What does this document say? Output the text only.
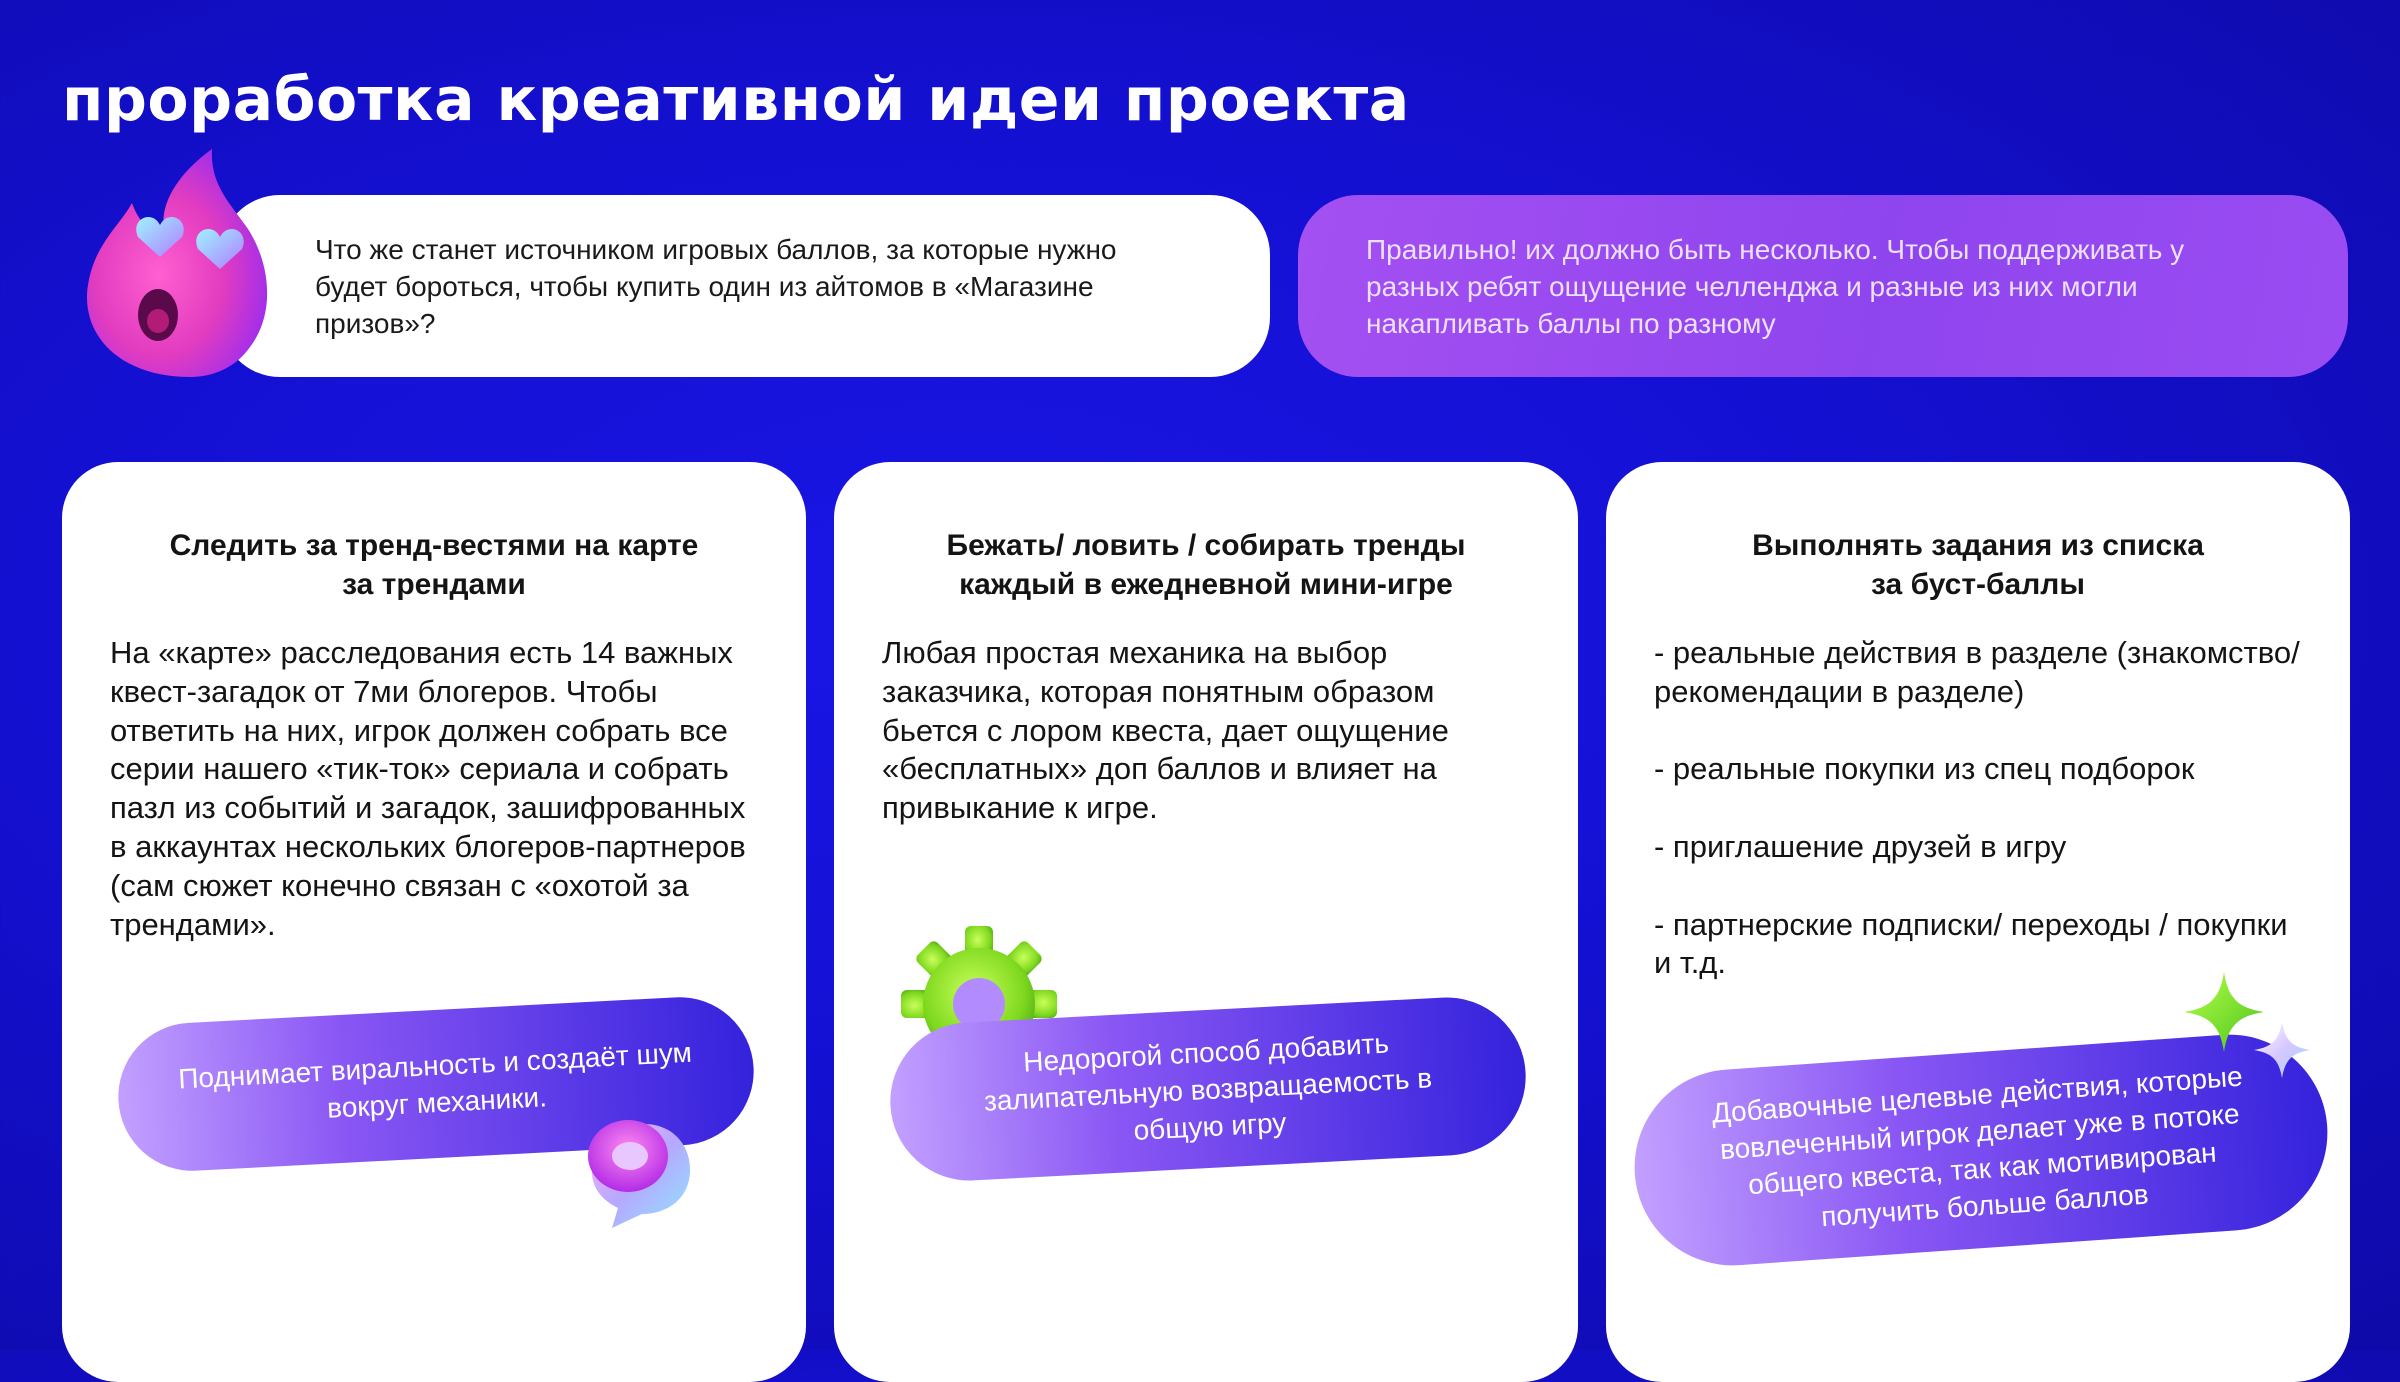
проработка креативной идеи проекта

Что же станет источником игровых баллов, за которые нужно будет бороться, чтобы купить один из айтомов в «Магазине призов»?

Правильно! их должно быть несколько. Чтобы поддерживать у разных ребят ощущение челленджа и разные из них могли накапливать баллы по разному

Следить за тренд-вестями на карте
за трендами

На «карте» расследования есть 14 важных квест-загадок от 7ми блогеров. Чтобы ответить на них, игрок должен собрать все серии нашего «тик-ток» сериала и собрать пазл из событий и загадок, зашифрованных в аккаунтах нескольких блогеров-партнеров (сам сюжет конечно связан с «охотой за трендами».

Поднимает виральность и создаёт шум вокруг механики.
Бежать/ ловить / собирать тренды
каждый в ежедневной мини-игре

Любая простая механика на выбор заказчика, которая понятным образом бьется с лором квеста, дает ощущение «бесплатных» доп баллов и влияет на привыкание к игре.

Недорогой способ добавить залипательную возвращаемость в общую игру
Выполнять задания из списка
за буст-баллы

- реальные действия в разделе (знакомство/ рекомендации в разделе)

- реальные покупки из спец подборок

- приглашение друзей в игру

- партнерские подписки/ переходы / покупки и т.д.

Добавочные целевые действия, которые вовлеченный игрок делает уже в потоке общего квеста, так как мотивирован получить больше баллов
